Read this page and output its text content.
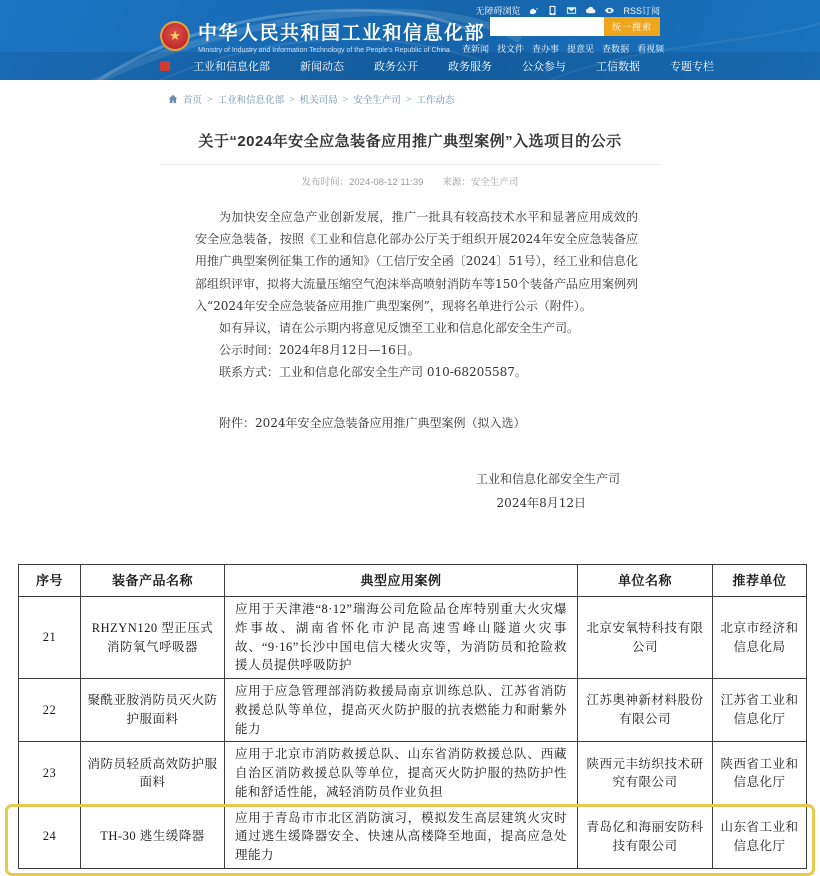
无障碍浏览	RSS订阅
★ 中华人民共和国工业和信息化部
Ministry of Industry and Information Technology of the People's Republic of China
统一搜索
查新闻 找文件 查办事 提意见 查数据 看视频
工业和信息化部	新闻动态	政务公开	政务服务	公众参与	工信数据	专题专栏
首页 > 工业和信息化部 > 机关司局 > 安全生产司 > 工作动态
关于“2024年安全应急装备应用推广典型案例”入选项目的公示
发布时间：2024-08-12 11:39　　来源：安全生产司

为加快安全应急产业创新发展，推广一批具有较高技术水平和显著应用成效的安全应急装备，按照《工业和信息化部办公厅关于组织开展2024年安全应急装备应用推广典型案例征集工作的通知》（工信厅安全函〔2024〕51号），经工业和信息化部组织评审，拟将大流量压缩空气泡沫举高喷射消防车等150个装备产品应用案例列入“2024年安全应急装备应用推广典型案例”，现将名单进行公示（附件）。

如有异议，请在公示期内将意见反馈至工业和信息化部安全生产司。

公示时间：2024年8月12日—16日。

联系方式：工业和信息化部安全生产司 010-68205587。

附件：2024年安全应急装备应用推广典型案例（拟入选）

工业和信息化部安全生产司
2024年8月12日
序号	装备产品名称	典型应用案例	单位名称	推荐单位
21	RHZYN120 型正压式消防氧气呼吸器	应用于天津港“8·12”瑞海公司危险品仓库特别重大火灾爆炸事故、湖南省怀化市沪昆高速雪峰山隧道火灾事故、“9·16”长沙中国电信大楼火灾等，为消防员和抢险救援人员提供呼吸防护	北京安氧特科技有限公司	北京市经济和信息化局
22	聚酰亚胺消防员灭火防护服面料	应用于应急管理部消防救援局南京训练总队、江苏省消防救援总队等单位，提高灭火防护服的抗表燃能力和耐紫外能力	江苏奥神新材料股份有限公司	江苏省工业和信息化厅
23	消防员轻质高效防护服面料	应用于北京市消防救援总队、山东省消防救援总队、西藏自治区消防救援总队等单位，提高灭火防护服的热防护性能和舒适性能，减轻消防员作业负担	陕西元丰纺织技术研究有限公司	陕西省工业和信息化厅
24	TH-30 逃生缓降器	应用于青岛市市北区消防演习，模拟发生高层建筑火灾时通过逃生缓降器安全、快速从高楼降至地面，提高应急处理能力	青岛亿和海丽安防科技有限公司	山东省工业和信息化厅
